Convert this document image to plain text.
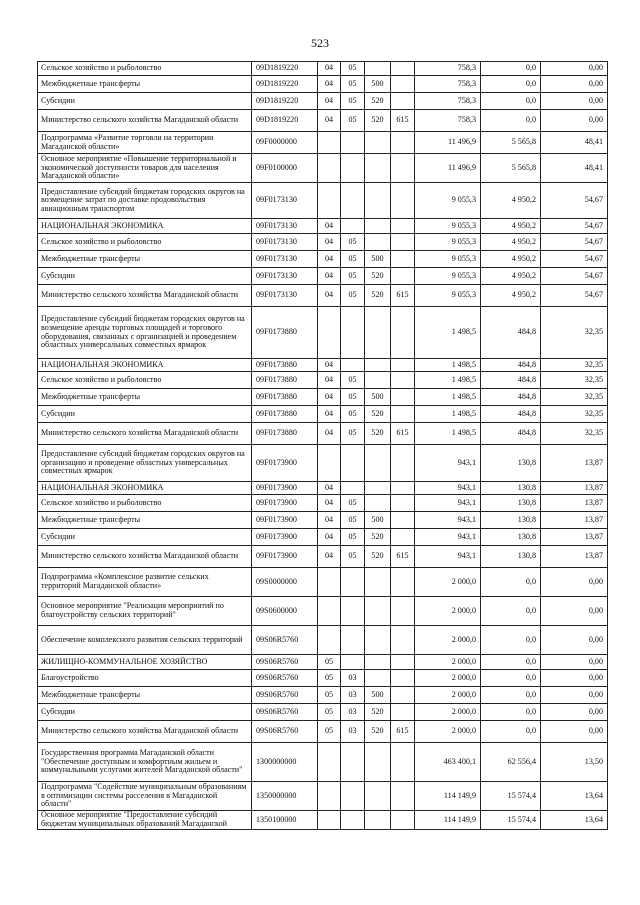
523
Сельское хозяйство и рыболовство	09D1819220	04	05			758,3	0,0	0,00
Межбюджетные трансферты	09D1819220	04	05	500		758,3	0,0	0,00
Субсидии	09D1819220	04	05	520		758,3	0,0	0,00
Министерство сельского хозяйства Магаданской области	09D1819220	04	05	520	615	758,3	0,0	0,00
Подпрограмма «Развитие торговли на территории Магаданской области»	09F0000000					11 496,9	5 565,8	48,41
Основное мероприятие «Повышение территориальной и экономической доступности товаров для населения Магаданской области»	09F0100000					11 496,9	5 565,8	48,41
Предоставление субсидий бюджетам городских округов на возмещение затрат по доставке продовольствия авиационным транспортом	09F0173130					9 055,3	4 950,2	54,67
НАЦИОНАЛЬНАЯ ЭКОНОМИКА	09F0173130	04				9 055,3	4 950,2	54,67
Сельское хозяйство и рыболовство	09F0173130	04	05			9 055,3	4 950,2	54,67
Межбюджетные трансферты	09F0173130	04	05	500		9 055,3	4 950,2	54,67
Субсидии	09F0173130	04	05	520		9 055,3	4 950,2	54,67
Министерство сельского хозяйства Магаданской области	09F0173130	04	05	520	615	9 055,3	4 950,2	54,67
Предоставление субсидий бюджетам городских округов на возмещение аренды торговых площадей и торгового оборудования, связанных с организацией и проведением областных универсальных совместных ярмарок	09F0173880					1 498,5	484,8	32,35
НАЦИОНАЛЬНАЯ ЭКОНОМИКА	09F0173880	04				1 498,5	484,8	32,35
Сельское хозяйство и рыболовство	09F0173880	04	05			1 498,5	484,8	32,35
Межбюджетные трансферты	09F0173880	04	05	500		1 498,5	484,8	32,35
Субсидии	09F0173880	04	05	520		1 498,5	484,8	32,35
Министерство сельского хозяйства Магаданской области	09F0173880	04	05	520	615	1 498,5	484,8	32,35
Предоставление субсидий бюджетам городских округов на организацию и проведение областных универсальных совместных ярмарок	09F0173900					943,1	130,8	13,87
НАЦИОНАЛЬНАЯ ЭКОНОМИКА	09F0173900	04				943,1	130,8	13,87
Сельское хозяйство и рыболовство	09F0173900	04	05			943,1	130,8	13,87
Межбюджетные трансферты	09F0173900	04	05	500		943,1	130,8	13,87
Субсидии	09F0173900	04	05	520		943,1	130,8	13,87
Министерство сельского хозяйства Магаданской области	09F0173900	04	05	520	615	943,1	130,8	13,87
Подпрограмма «Комплексное развитие сельских территорий Магаданской области»	09S0000000					2 000,0	0,0	0,00
Основное мероприятие "Реализация мероприятий по благоустройству сельских территорий"	09S0600000					2 000,0	0,0	0,00
Обеспечение комплексного развития сельских территорий	09S06R5760					2 000,0	0,0	0,00
ЖИЛИЩНО-КОММУНАЛЬНОЕ ХОЗЯЙСТВО	09S06R5760	05				2 000,0	0,0	0,00
Благоустройство	09S06R5760	05	03			2 000,0	0,0	0,00
Межбюджетные трансферты	09S06R5760	05	03	500		2 000,0	0,0	0,00
Субсидии	09S06R5760	05	03	520		2 000,0	0,0	0,00
Министерство сельского хозяйства Магаданской области	09S06R5760	05	03	520	615	2 000,0	0,0	0,00
Государственная программа Магаданской области "Обеспечение доступным и комфортным жильем и коммунальными услугами жителей Магаданской области"	1300000000					463 400,1	62 556,4	13,50
Подпрограмма "Содействие муниципальным образованиям в оптимизации системы расселения в Магаданской области"	1350000000					114 149,9	15 574,4	13,64
Основное мероприятие "Предоставление субсидий бюджетам муниципальных образований Магаданской	1350100000					114 149,9	15 574,4	13,64
